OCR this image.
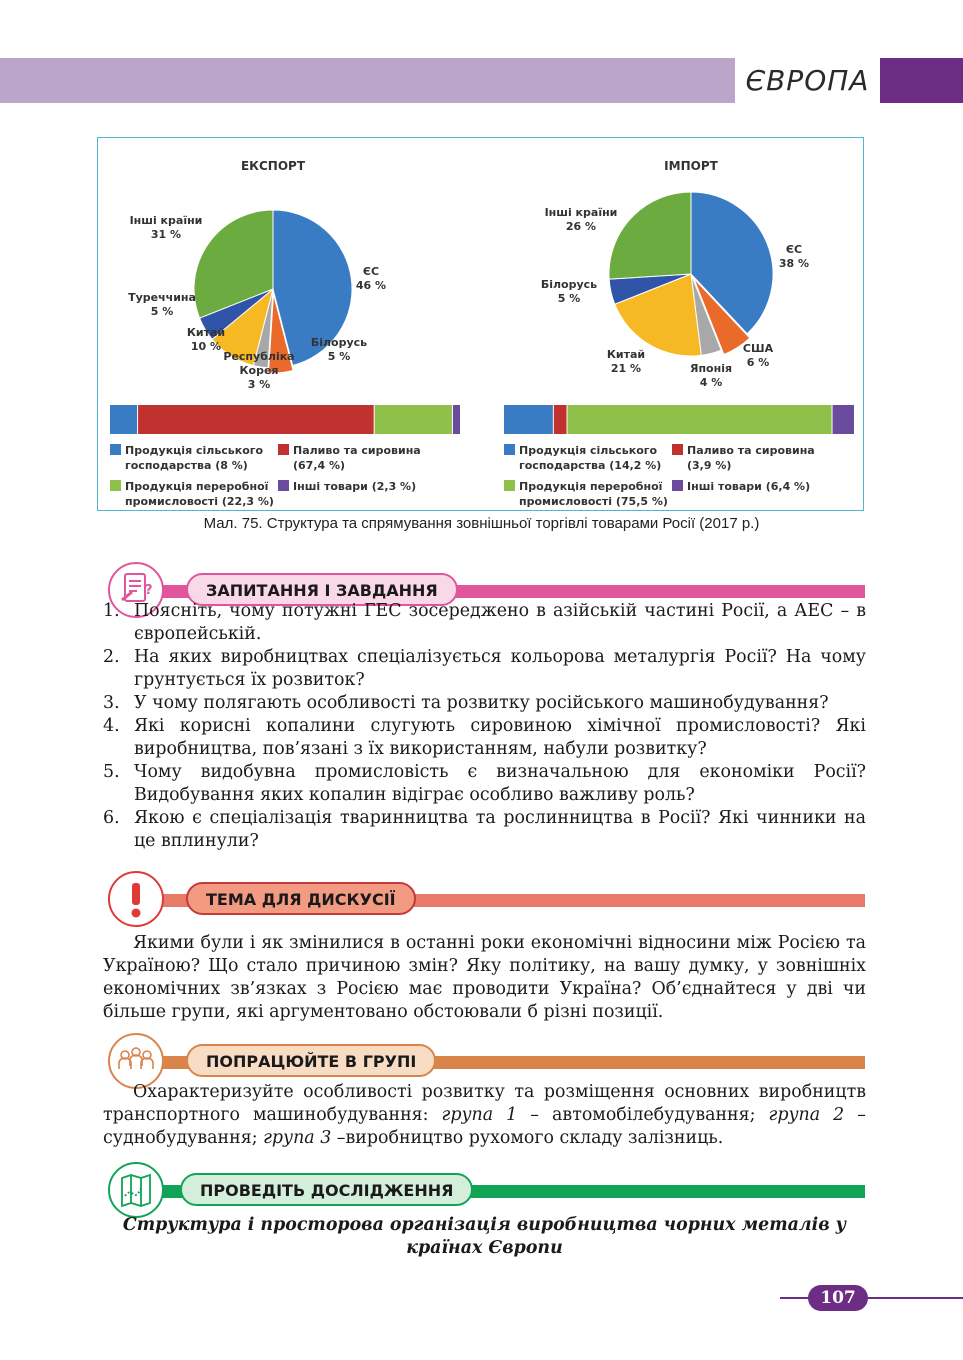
ЄВРОПА
ЕКСПОРТ	ІМПОРТ
Інші країни 31 %
ЄС 46 %
Туреччина 5 %
Китай 10 %
Республіка Корея 3 %
Білорусь 5 %
Інші країни 26 %
ЄС 38 %
Білорусь 5 %
Китай 21 %	Японія 4 %
США 6 %
Продукція сільського господарства (8 %)
Паливо та сировина (67,4 %)
Продукція переробної промисловості (22,3 %)
Інші товари (2,3 %)
Продукція сільського господарства (14,2 %)
Паливо та сировина (3,9 %)
Продукція переробної промисловості (75,5 %)
Інші товари (6,4 %)
Мал. 75. Структура та спрямування зовнішньої торгівлі товарами Росії (2017 р.)
ЗАПИТАННЯ І ЗАВДАННЯ
?
1. Поясніть, чому потужні ГЕС зосереджено в азійській частині Росії, а АЕС – в європейській.
2. На яких виробництвах спеціалізується кольорова металургія Росії? На чому грунтується їх розвиток?
3. У чому полягають особливості та розвитку російського машинобудування?
4. Які корисні копалини слугують сировиною хімічної промисловості? Які виробництва, пов’язані з їх використанням, набули розвитку?
5. Чому видобувна промисловість є визначальною для економіки Росії? Видобування яких копалин відіграє особливо важливу роль?
6. Якою є спеціалізація тваринництва та рослинництва в Росії? Які чинники на це вплинули?
ТЕМА ДЛЯ ДИСКУСІЇ
Якими були і як змінилися в останні роки економічні відносини між Росією та Україною? Що стало причиною змін? Яку політику, на вашу думку, у зовнішніх економічних зв’язках з Росією має проводити Україна? Об’єднайтеся у дві чи більше групи, які аргументовано обстоювали б різні позиції.
ПОПРАЦЮЙТЕ В ГРУПІ
Охарактеризуйте особливості розвитку та розміщення основних виробництв транспортного машинобудування: група 1 – автомобілебудування; група 2 – суднобудування; група 3 –виробництво рухомого складу залізниць.
ПРОВЕДІТЬ ДОСЛІДЖЕННЯ
Структура і просторова організація виробництва чорних металів у країнах Європи
107
